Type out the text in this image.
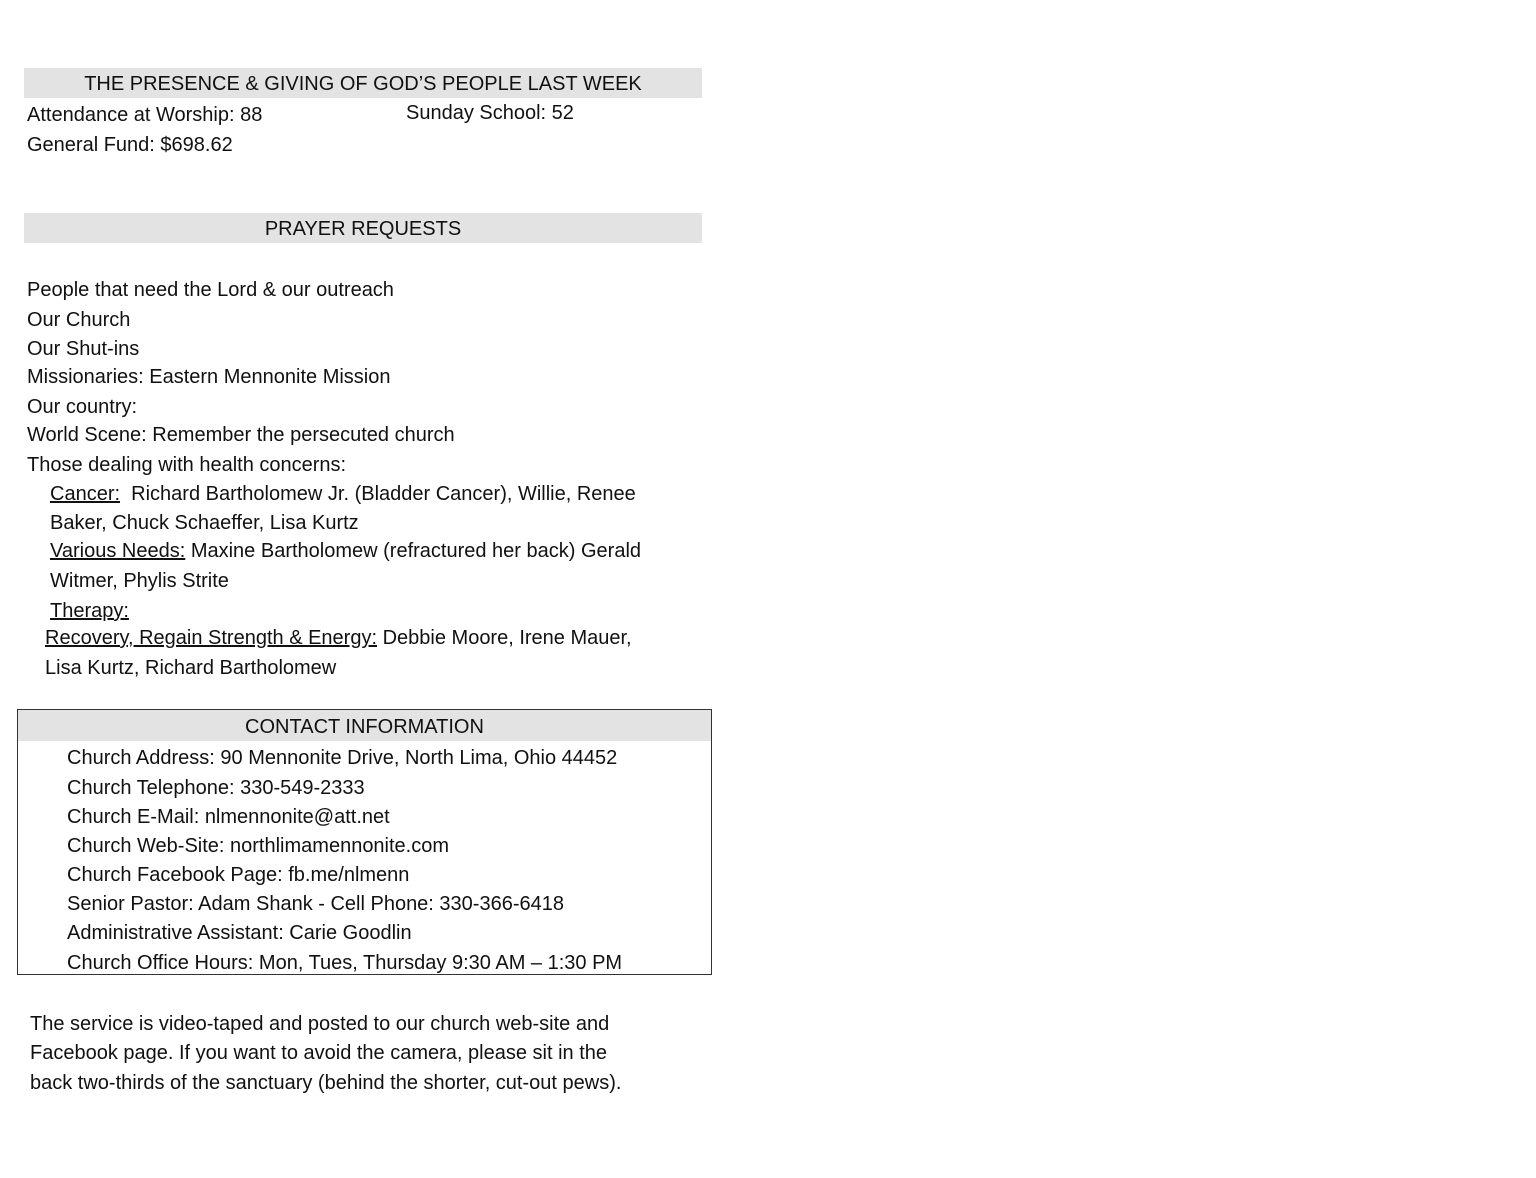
THE PRESENCE & GIVING OF GOD’S PEOPLE LAST WEEK
Attendance at Worship: 88	Sunday School: 52
General Fund: $698.62
PRAYER REQUESTS
People that need the Lord & our outreach
Our Church
Our Shut-ins
Missionaries: Eastern Mennonite Mission
Our country:
World Scene: Remember the persecuted church
Those dealing with health concerns:
Cancer: Richard Bartholomew Jr. (Bladder Cancer), Willie, Renee
Baker, Chuck Schaeffer, Lisa Kurtz
Various Needs: Maxine Bartholomew (refractured her back) Gerald
Witmer, Phylis Strite
Therapy:
Recovery, Regain Strength & Energy: Debbie Moore, Irene Mauer,
Lisa Kurtz, Richard Bartholomew
CONTACT INFORMATION
Church Address: 90 Mennonite Drive, North Lima, Ohio 44452
Church Telephone: 330-549-2333
Church E-Mail: nlmennonite@att.net
Church Web-Site: northlimamennonite.com
Church Facebook Page: fb.me/nlmenn
Senior Pastor: Adam Shank - Cell Phone: 330-366-6418
Administrative Assistant: Carie Goodlin
Church Office Hours: Mon, Tues, Thursday 9:30 AM – 1:30 PM
The service is video-taped and posted to our church web-site and
Facebook page. If you want to avoid the camera, please sit in the
back two-thirds of the sanctuary (behind the shorter, cut-out pews).
